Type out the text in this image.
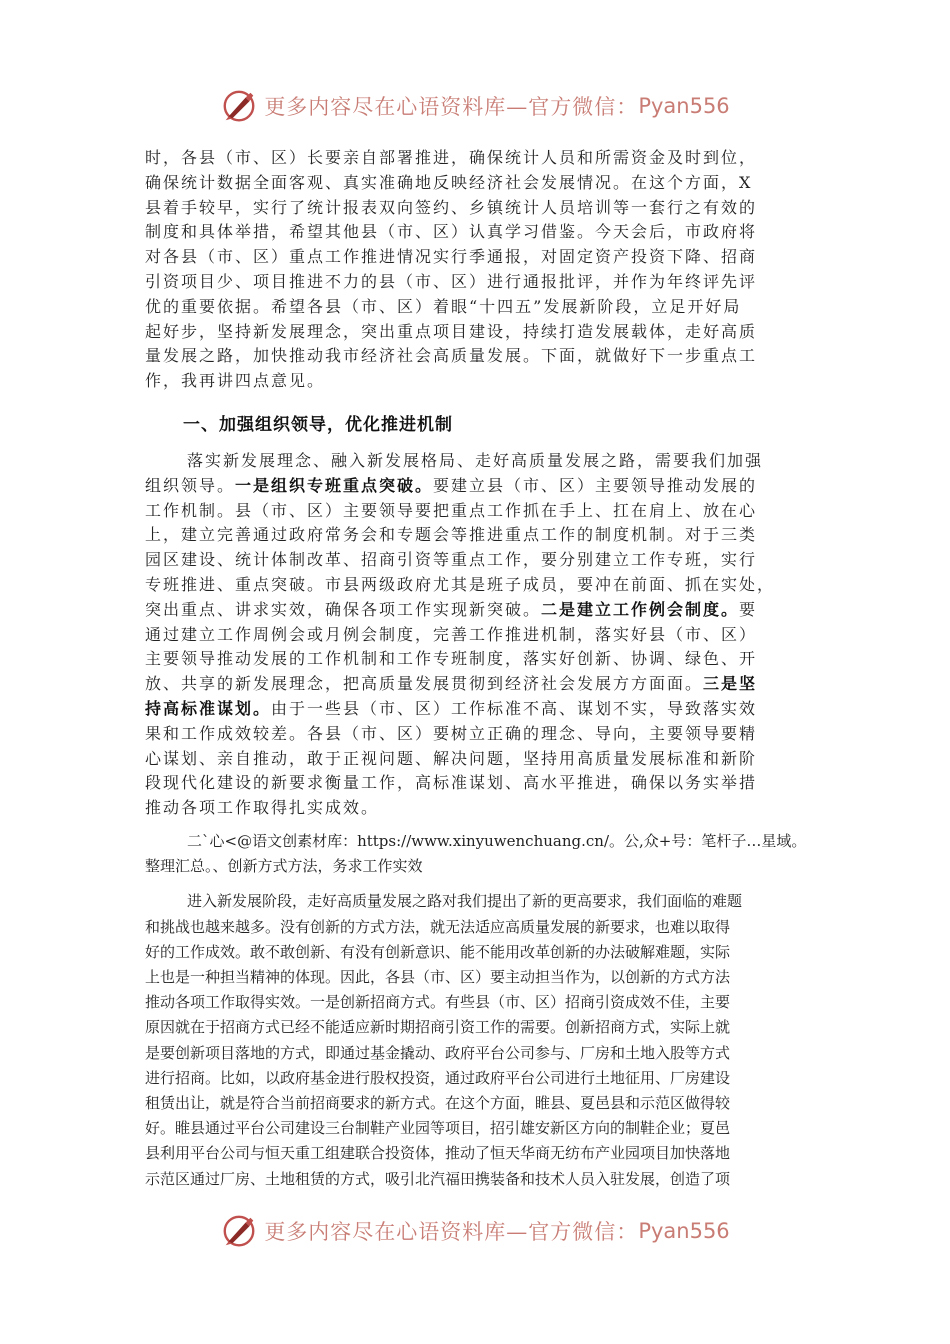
更多内容尽在心语资料库—官方微信： Pyan556
时，各县（市、区）长要亲自部署推进，确保统计人员和所需资金及时到位，
确保统计数据全面客观、真实准确地反映经济社会发展情况。在这个方面，X
县着手较早，实行了统计报表双向签约、乡镇统计人员培训等一套行之有效的
制度和具体举措，希望其他县（市、区）认真学习借鉴。今天会后，市政府将
对各县（市、区）重点工作推进情况实行季通报，对固定资产投资下降、招商
引资项目少、项目推进不力的县（市、区）进行通报批评，并作为年终评先评
优的重要依据。希望各县（市、区）着眼“十四五”发展新阶段，立足开好局
起好步，坚持新发展理念，突出重点项目建设，持续打造发展载体，走好高质
量发展之路，加快推动我市经济社会高质量发展。下面，就做好下一步重点工
作，我再讲四点意见。
一、加强组织领导，优化推进机制
落实新发展理念、融入新发展格局、走好高质量发展之路，需要我们加强
组织领导。一是组织专班重点突破。要建立县（市、区）主要领导推动发展的
工作机制。县（市、区）主要领导要把重点工作抓在手上、扛在肩上、放在心
上，建立完善通过政府常务会和专题会等推进重点工作的制度机制。对于三类
园区建设、统计体制改革、招商引资等重点工作，要分别建立工作专班，实行
专班推进、重点突破。市县两级政府尤其是班子成员，要冲在前面、抓在实处，
突出重点、讲求实效，确保各项工作实现新突破。二是建立工作例会制度。要
通过建立工作周例会或月例会制度，完善工作推进机制，落实好县（市、区）
主要领导推动发展的工作机制和工作专班制度，落实好创新、协调、绿色、开
放、共享的新发展理念，把高质量发展贯彻到经济社会发展方方面面。三是坚
持高标准谋划。由于一些县（市、区）工作标准不高、谋划不实，导致落实效
果和工作成效较差。各县（市、区）要树立正确的理念、导向，主要领导要精
心谋划、亲自推动，敢于正视问题、解决问题，坚持用高质量发展标准和新阶
段现代化建设的新要求衡量工作，高标准谋划、高水平推进，确保以务实举措
推动各项工作取得扎实成效。
二`心<@语文创素材库：https://www.xinyuwenchuang.cn/。公,众+号：笔杆子…星域。
整理汇总。、创新方式方法，务求工作实效
进入新发展阶段，走好高质量发展之路对我们提出了新的更高要求，我们面临的难题
和挑战也越来越多。没有创新的方式方法，就无法适应高质量发展的新要求，也难以取得
好的工作成效。敢不敢创新、有没有创新意识、能不能用改革创新的办法破解难题，实际
上也是一种担当精神的体现。因此，各县（市、区）要主动担当作为，以创新的方式方法
推动各项工作取得实效。一是创新招商方式。有些县（市、区）招商引资成效不佳，主要
原因就在于招商方式已经不能适应新时期招商引资工作的需要。创新招商方式，实际上就
是要创新项目落地的方式，即通过基金撬动、政府平台公司参与、厂房和土地入股等方式
进行招商。比如，以政府基金进行股权投资，通过政府平台公司进行土地征用、厂房建设
租赁出让，就是符合当前招商要求的新方式。在这个方面，睢县、夏邑县和示范区做得较
好。睢县通过平台公司建设三台制鞋产业园等项目，招引雄安新区方向的制鞋企业；夏邑
县利用平台公司与恒天重工组建联合投资体，推动了恒天华商无纺布产业园项目加快落地
示范区通过厂房、土地租赁的方式，吸引北汽福田携装备和技术人员入驻发展，创造了项
更多内容尽在心语资料库—官方微信： Pyan556
